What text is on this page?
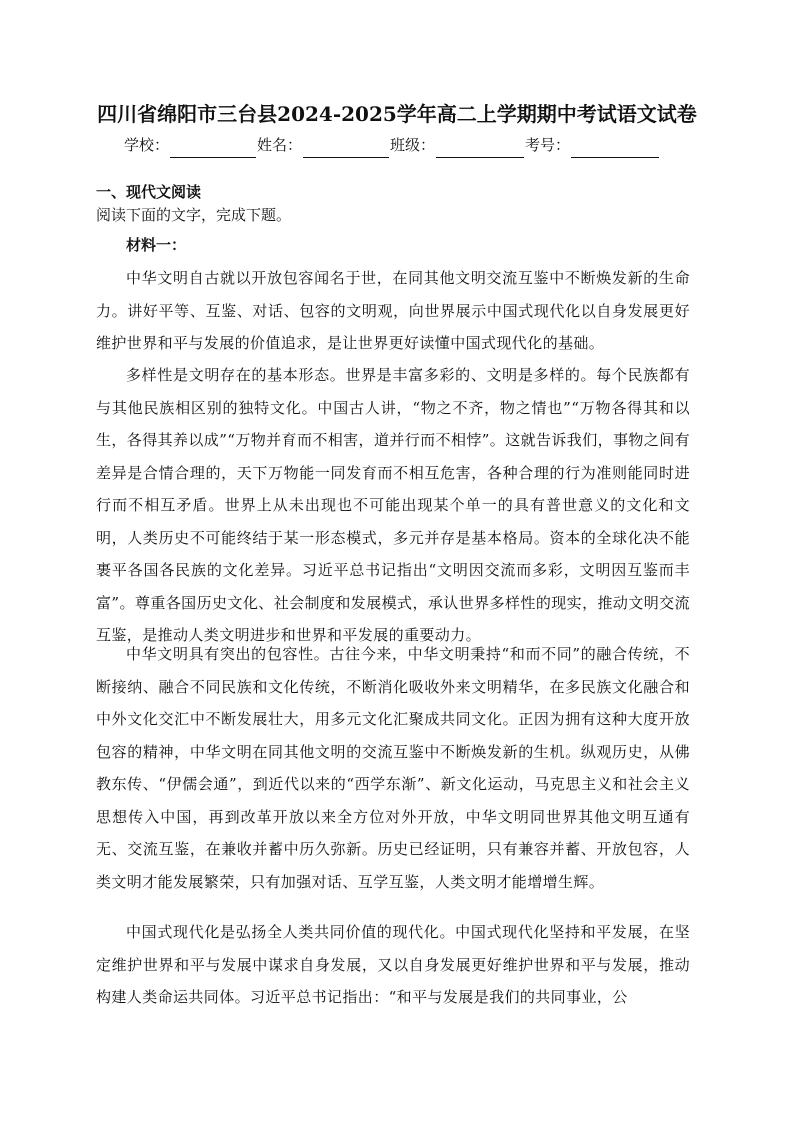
四川省绵阳市三台县2024-2025学年高二上学期期中考试语文试卷
学校：	姓名：	班级：	考号：
一、现代文阅读
阅读下面的文字，完成下题。
材料一：

中华文明自古就以开放包容闻名于世，在同其他文明交流互鉴中不断焕发新的生命力。讲好平等、互鉴、对话、包容的文明观，向世界展示中国式现代化以自身发展更好维护世界和平与发展的价值追求，是让世界更好读懂中国式现代化的基础。

多样性是文明存在的基本形态。世界是丰富多彩的、文明是多样的。每个民族都有与其他民族相区别的独特文化。中国古人讲，“物之不齐，物之情也”“万物各得其和以生，各得其养以成”“万物并育而不相害，道并行而不相悖”。这就告诉我们，事物之间有差异是合情合理的，天下万物能一同发育而不相互危害，各种合理的行为准则能同时进行而不相互矛盾。世界上从未出现也不可能出现某个单一的具有普世意义的文化和文明，人类历史不可能终结于某一形态模式，多元并存是基本格局。资本的全球化决不能裹平各国各民族的文化差异。习近平总书记指出“文明因交流而多彩，文明因互鉴而丰富”。尊重各国历史文化、社会制度和发展模式，承认世界多样性的现实，推动文明交流互鉴，是推动人类文明进步和世界和平发展的重要动力。

中华文明具有突出的包容性。古往今来，中华文明秉持“和而不同”的融合传统，不断接纳、融合不同民族和文化传统，不断消化吸收外来文明精华，在多民族文化融合和中外文化交汇中不断发展壮大，用多元文化汇聚成共同文化。正因为拥有这种大度开放包容的精神，中华文明在同其他文明的交流互鉴中不断焕发新的生机。纵观历史，从佛教东传、“伊儒会通”，到近代以来的“西学东渐”、新文化运动，马克思主义和社会主义思想传入中国，再到改革开放以来全方位对外开放，中华文明同世界其他文明互通有无、交流互鉴，在兼收并蓄中历久弥新。历史已经证明，只有兼容并蓄、开放包容，人类文明才能发展繁荣，只有加强对话、互学互鉴，人类文明才能增增生辉。

中国式现代化是弘扬全人类共同价值的现代化。中国式现代化坚持和平发展，在坚定维护世界和平与发展中谋求自身发展，又以自身发展更好维护世界和平与发展，推动构建人类命运共同体。习近平总书记指出：“和平与发展是我们的共同事业，公
